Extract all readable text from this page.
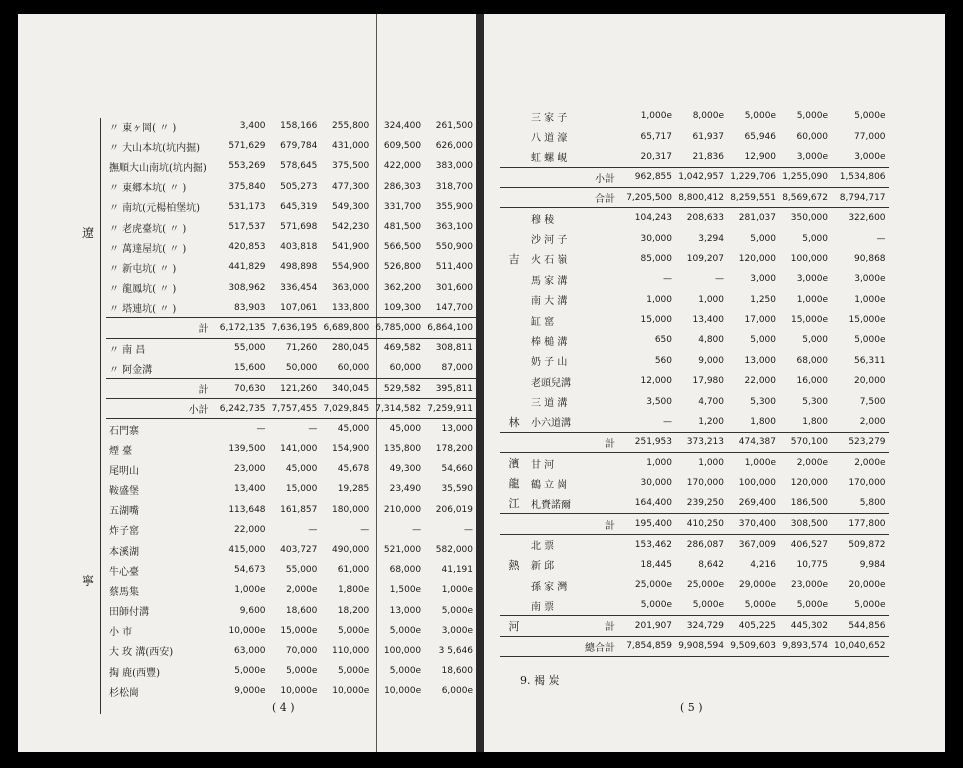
遼
寧
〃 東ヶ岡( 〃 )	3,400	158,166	255,800	324,400	261,500
〃 大山本坑(坑内掘)	571,629	679,784	431,000	609,500	626,000
撫順大山南坑(坑内掘)	553,269	578,645	375,500	422,000	383,000
〃 東郷本坑( 〃 )	375,840	505,273	477,300	286,303	318,700
〃 南坑(元楊柏堡坑)	531,173	645,319	549,300	331,700	355,900
〃 老虎臺坑( 〃 )	517,537	571,698	542,230	481,500	363,100
〃 萬達屋坑( 〃 )	420,853	403,818	541,900	566,500	550,900
〃 新屯坑( 〃 )	441,829	498,898	554,900	526,800	511,400
〃 龍鳳坑( 〃 )	308,962	336,454	363,000	362,200	301,600
〃 塔連坑( 〃 )	83,903	107,061	133,800	109,300	147,700
計	6,172,135	7,636,195	6,689,800	6,785,000	6,864,100
〃 南 昌	55,000	71,260	280,045	469,582	308,811
〃 阿金溝	15,600	50,000	60,000	60,000	87,000
計	70,630	121,260	340,045	529,582	395,811
小計	6,242,735	7,757,455	7,029,845	7,314,582	7,259,911
石門寨	—	—	45,000	45,000	13,000
煙 臺	139,500	141,000	154,900	135,800	178,200
尾明山	23,000	45,000	45,678	49,300	54,660
鞍盛堡	13,400	15,000	19,285	23,490	35,590
五湖嘴	113,648	161,857	180,000	210,000	206,019
炸子窰	22,000	—	—	—	—
本溪湖	415,000	403,727	490,000	521,000	582,000
牛心臺	54,673	55,000	61,000	68,000	41,191
蔡馬集	1,000e	2,000e	1,800e	1,500e	1,000e
田師付溝	9,600	18,600	18,200	13,000	5,000e
小 市	10,000e	15,000e	5,000e	5,000e	3,000e
大 玫 溝(西安)	63,000	70,000	110,000	100,000	3 5,646
掏 鹿(西豐)	5,000e	5,000e	5,000e	5,000e	18,600
杉松崗	9,000e	10,000e	10,000e	10,000e	6,000e
( 4 )
	三 家 子	1,000e	8,000e	5,000e	5,000e	5,000e
	八 道 濠	65,717	61,937	65,946	60,000	77,000
	虹 螺 峴	20,317	21,836	12,900	3,000e	3,000e
	小計	962,855	1,042,957	1,229,706	1,255,090	1,534,806
	合計	7,205,500	8,800,412	8,259,551	8,569,672	8,794,717
	穆 稜	104,243	208,633	281,037	350,000	322,600
	沙 河 子	30,000	3,294	5,000	5,000	—
吉	火 石 嶺	85,000	109,207	120,000	100,000	90,868
	馬 家 溝	—	—	3,000	3,000e	3,000e
	南 大 溝	1,000	1,000	1,250	1,000e	1,000e
	缸 窰	15,000	13,400	17,000	15,000e	15,000e
	棒 槌 溝	650	4,800	5,000	5,000	5,000e
	奶 子 山	560	9,000	13,000	68,000	56,311
	老頭兒溝	12,000	17,980	22,000	16,000	20,000
	三 道 溝	3,500	4,700	5,300	5,300	7,500
林	小六道溝	—	1,200	1,800	1,800	2,000
	計	251,953	373,213	474,387	570,100	523,279
濱	甘 河	1,000	1,000	1,000e	2,000e	2,000e
龍	鶴 立 崗	30,000	170,000	100,000	120,000	170,000
江	札賚諾爾	164,400	239,250	269,400	186,500	5,800
	計	195,400	410,250	370,400	308,500	177,800
	北 票	153,462	286,087	367,009	406,527	509,872
熱	新 邱	18,445	8,642	4,216	10,775	9,984
	孫 家 灣	25,000e	25,000e	29,000e	23,000e	20,000e
	南 票	5,000e	5,000e	5,000e	5,000e	5,000e
河	計	201,907	324,729	405,225	445,302	544,856
	總合計	7,854,859	9,908,594	9,509,603	9,893,574	10,040,652
9. 褐 炭
( 5 )
